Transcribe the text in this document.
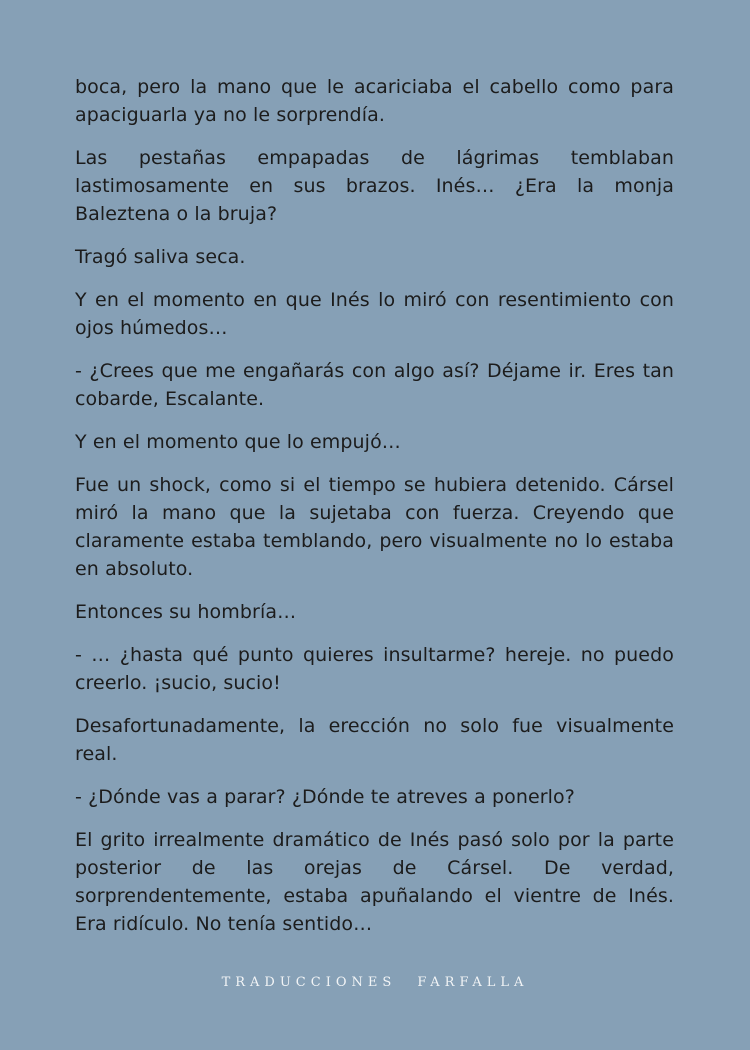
boca, pero la mano que le acariciaba el cabello como para apaciguarla ya no le sorprendía.

Las pestañas empapadas de lágrimas temblaban lastimosamente en sus brazos. Inés… ¿Era la monja Baleztena o la bruja?

Tragó saliva seca.

Y en el momento en que Inés lo miró con resentimiento con ojos húmedos…

- ¿Crees que me engañarás con algo así? Déjame ir. Eres tan cobarde, Escalante.

Y en el momento que lo empujó…

Fue un shock, como si el tiempo se hubiera detenido. Cársel miró la mano que la sujetaba con fuerza. Creyendo que claramente estaba temblando, pero visualmente no lo estaba en absoluto.

Entonces su hombría…

- … ¿hasta qué punto quieres insultarme? hereje. no puedo creerlo. ¡sucio, sucio!

Desafortunadamente, la erección no solo fue visualmente real.

- ¿Dónde vas a parar? ¿Dónde te atreves a ponerlo?

El grito irrealmente dramático de Inés pasó solo por la parte posterior de las orejas de Cársel. De verdad, sorprendentemente, estaba apuñalando el vientre de Inés. Era ridículo. No tenía sentido…

TRADUCCIONES FARFALLA
